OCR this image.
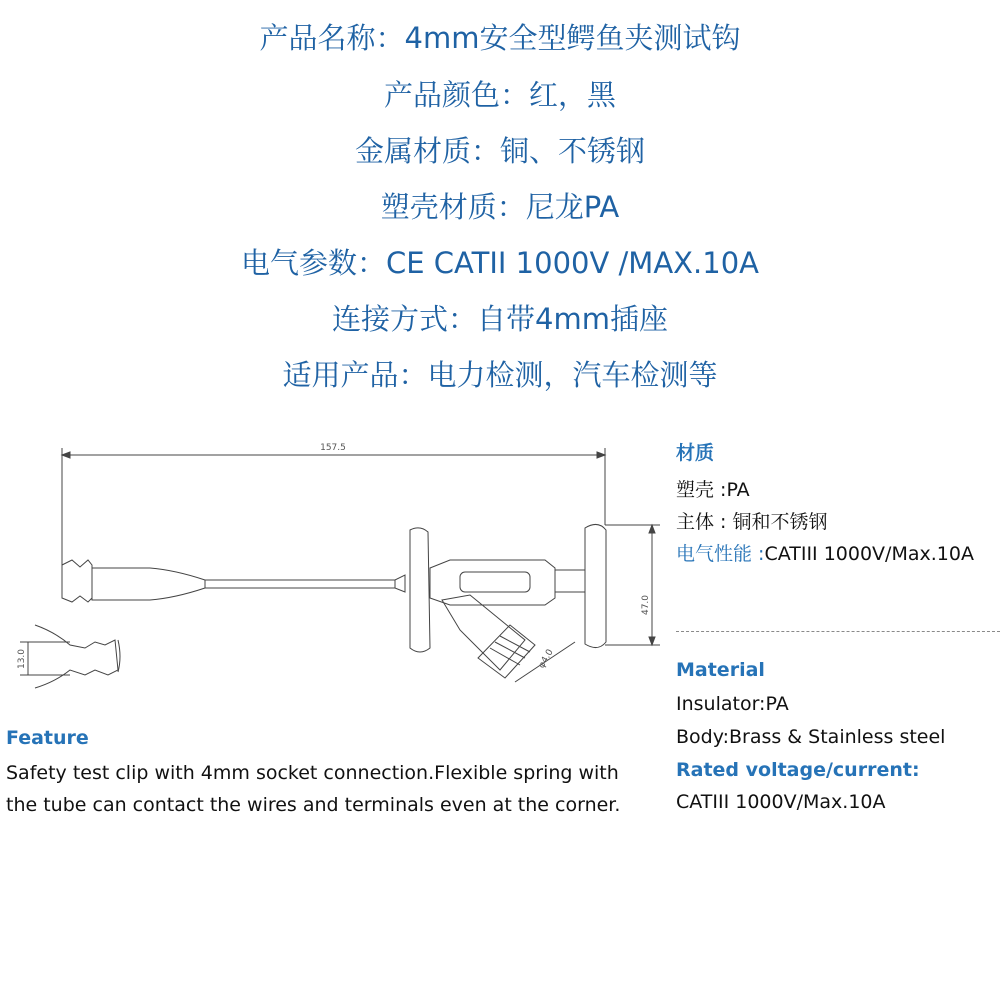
产品名称：4mm安全型鳄鱼夹测试钩
产品颜色：红，黑
金属材质：铜、不锈钢
塑壳材质：尼龙PA
电气参数：CE CATII 1000V /MAX.10A
连接方式：自带4mm插座
适用产品：电力检测，汽车检测等
157.5
47.0
13.0	φ4.0
材质
塑壳 :PA
主体 : 铜和不锈钢
电气性能 :CATIII 1000V/Max.10A
Material
Insulator:PA
Body:Brass & Stainless steel
Rated voltage/current:
CATIII 1000V/Max.10A
Feature
Safety test clip with 4mm socket connection.Flexible spring with the tube can contact the wires and terminals even at the corner.
